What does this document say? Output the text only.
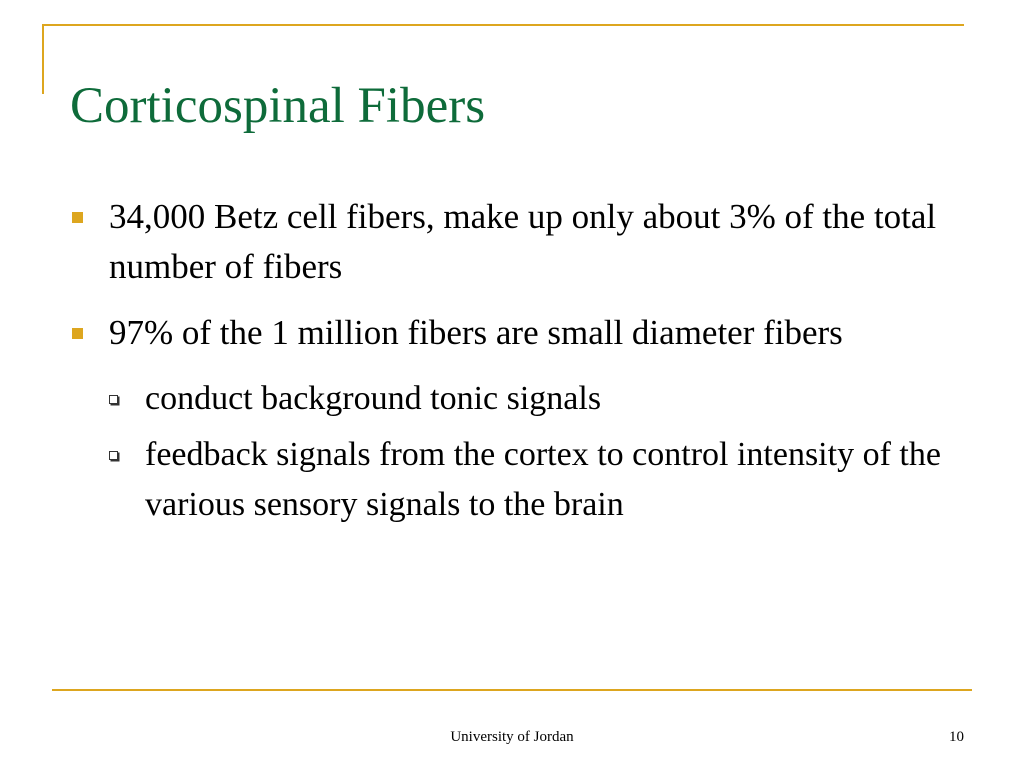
Corticospinal Fibers
34,000 Betz cell fibers, make up only about 3% of the total number of fibers
97% of the 1 million fibers are small diameter fibers
conduct background tonic signals
feedback signals from the cortex to control intensity of the various sensory signals to the brain
University of Jordan	10
